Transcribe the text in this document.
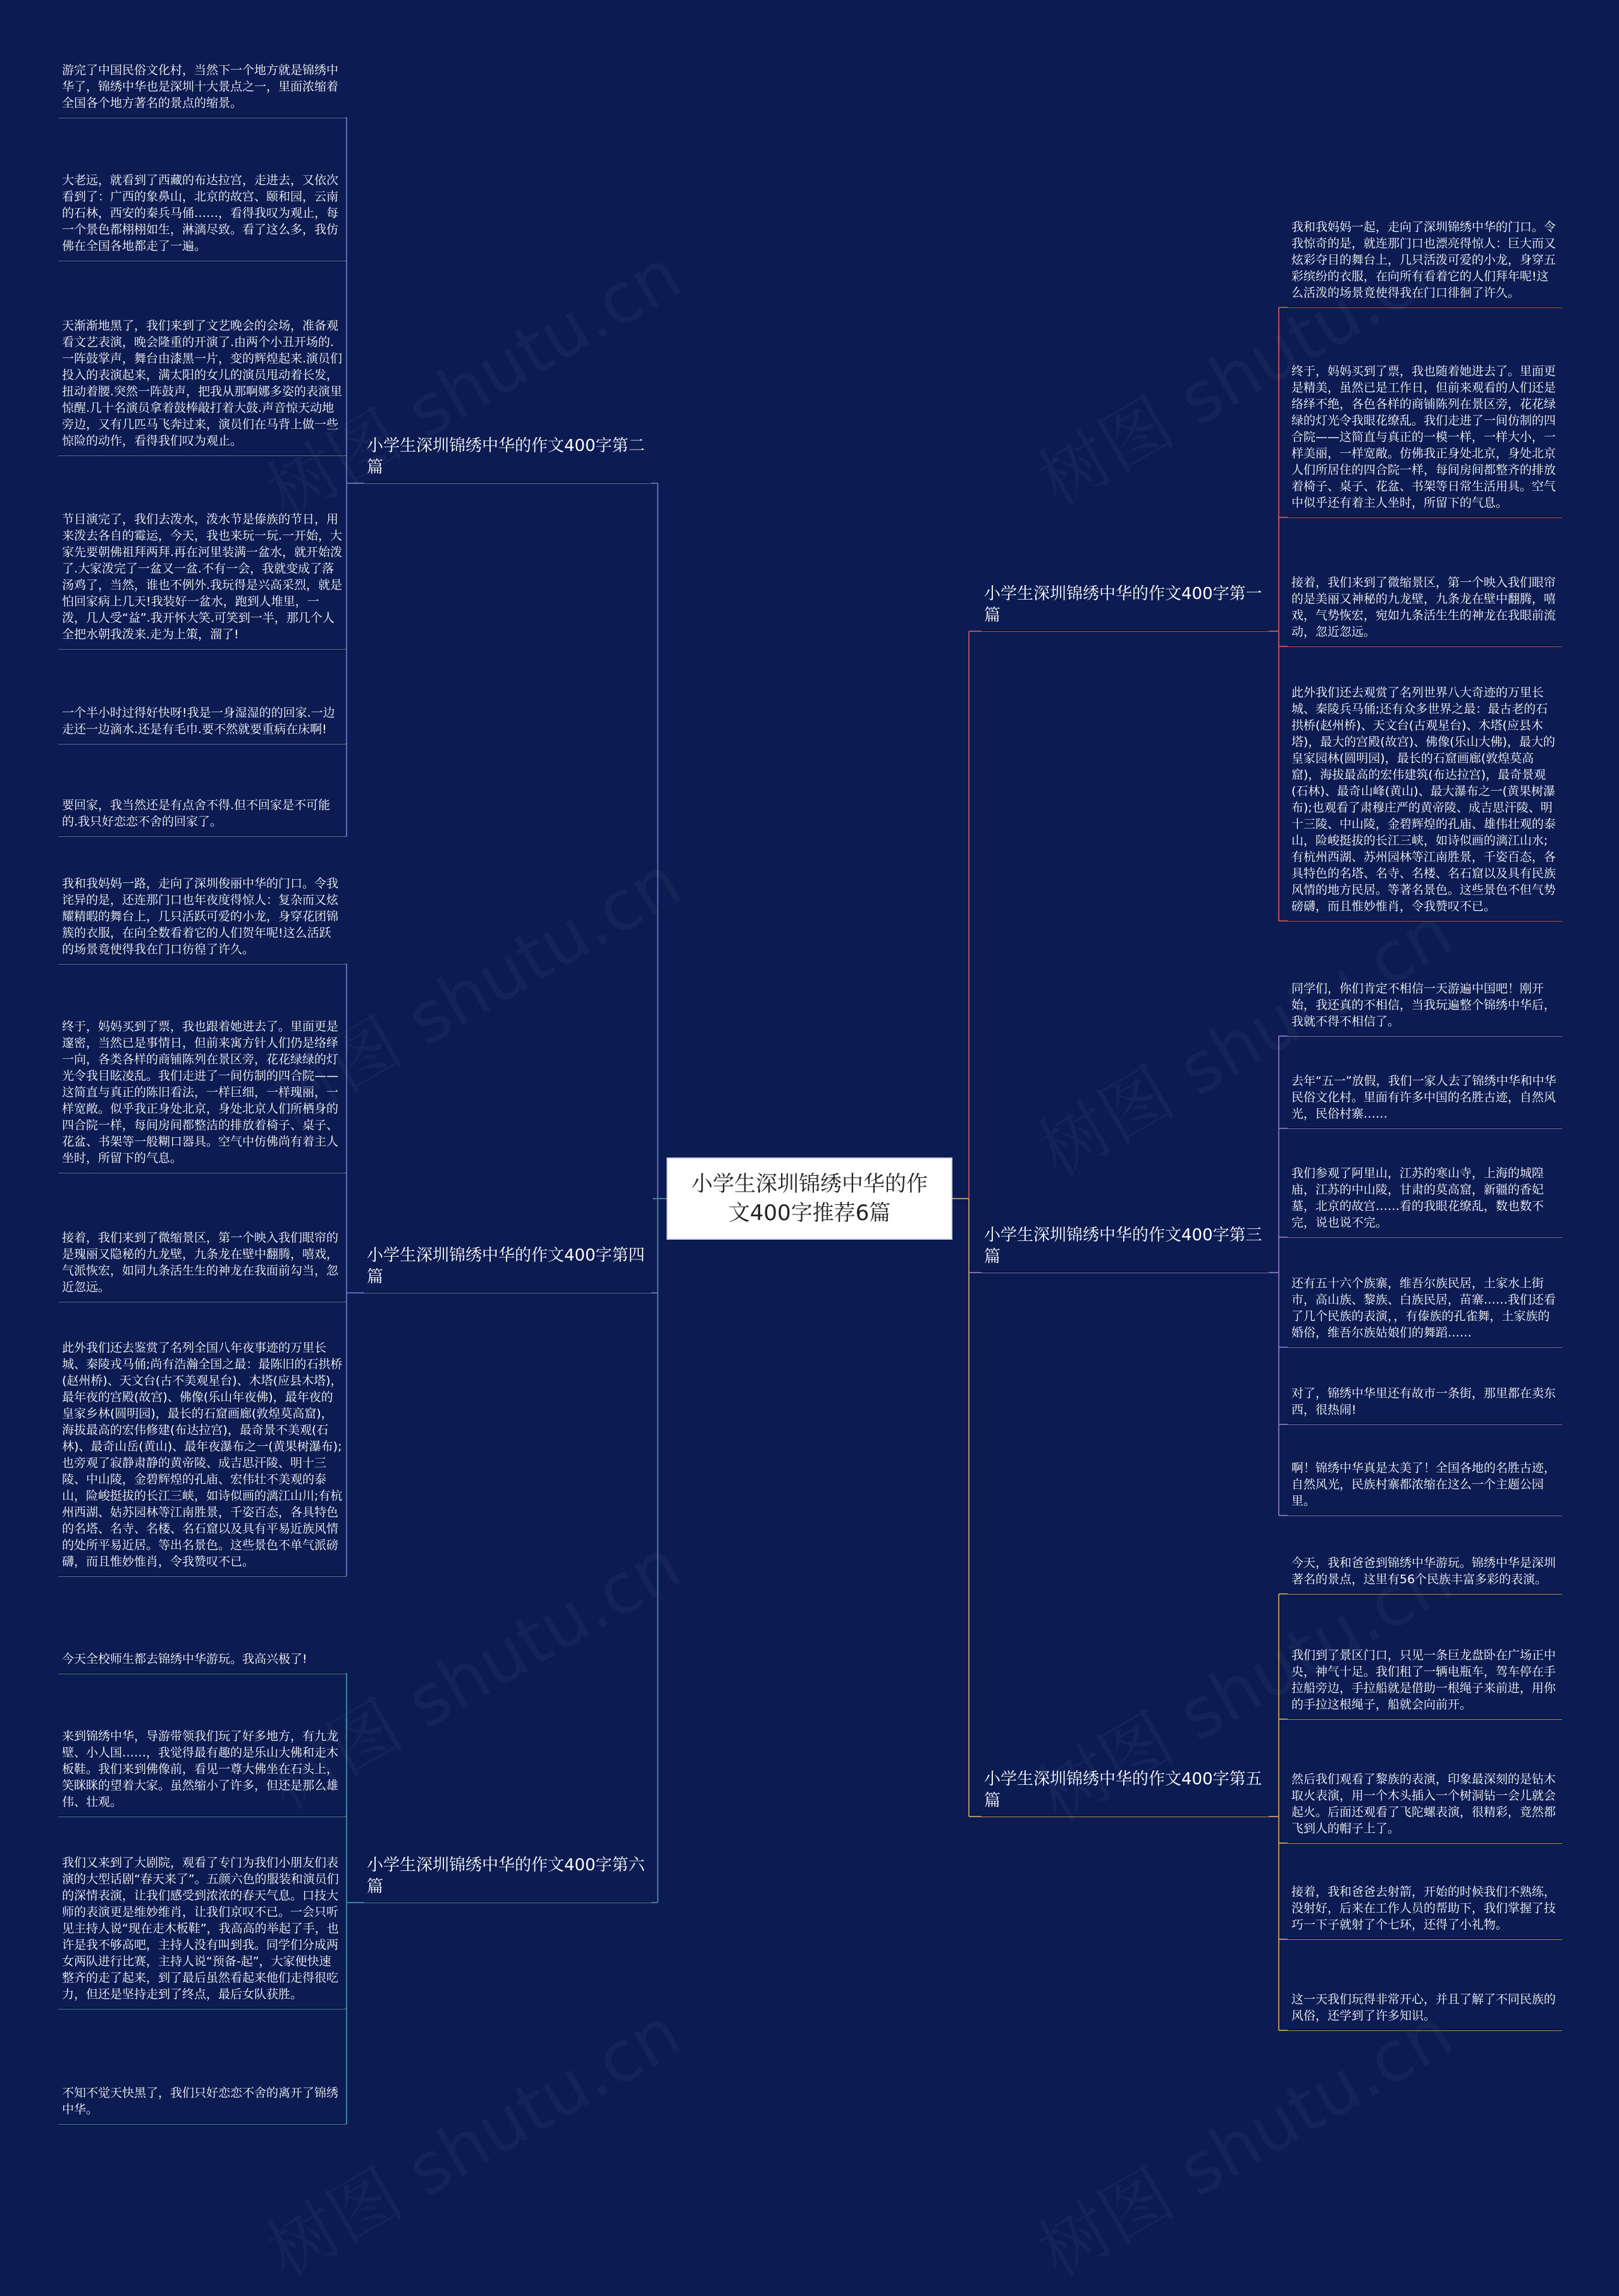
小学生深圳锦绣中华的作文400字推荐6篇
小学生深圳锦绣中华的作文400字第二篇
游完了中国民俗文化村，当然下一个地方就是锦绣中华了，锦绣中华也是深圳十大景点之一，里面浓缩着全国各个地方著名的景点的缩景。
大老远，就看到了西藏的布达拉宫，走进去，又依次看到了：广西的象鼻山，北京的故宫、颐和园，云南的石林，西安的秦兵马俑……，看得我叹为观止，每一个景色都栩栩如生，淋漓尽致。看了这么多，我仿佛在全国各地都走了一遍。
天渐渐地黑了，我们来到了文艺晚会的会场，准备观看文艺表演，晚会隆重的开演了.由两个小丑开场的.一阵鼓掌声，舞台由漆黑一片，变的辉煌起来.演员们投入的表演起来，满太阳的女儿的演员甩动着长发，扭动着腰.突然一阵鼓声，把我从那啊娜多姿的表演里惊醒.几十名演员拿着鼓棒敲打着大鼓.声音惊天动地旁边，又有几匹马飞奔过来，演员们在马背上做一些惊险的动作，看得我们叹为观止。
节目演完了，我们去泼水，泼水节是傣族的节日，用来泼去各自的霉运，今天，我也来玩一玩.一开始，大家先要朝佛祖拜两拜.再在河里装满一盆水，就开始泼了.大家泼完了一盆又一盆.不有一会，我就变成了落汤鸡了，当然，谁也不例外.我玩得是兴高采烈，就是怕回家病上几天!我装好一盆水，跑到人堆里，一泼，几人受“益”.我开怀大笑.可笑到一半，那几个人全把水朝我泼来.走为上策，溜了!
一个半小时过得好快呀!我是一身湿湿的的回家.一边走还一边滴水.还是有毛巾.要不然就要重病在床啊!
要回家，我当然还是有点舍不得.但不回家是不可能的.我只好恋恋不舍的回家了。
小学生深圳锦绣中华的作文400字第四篇
我和我妈妈一路，走向了深圳俊丽中华的门口。令我诧异的是，还连那门口也年夜度得惊人：复杂而又炫耀精暇的舞台上，几只活跃可爱的小龙，身穿花团锦簇的衣服，在向全数看着它的人们贺年呢!这么活跃的场景竟使得我在门口彷徨了许久。
终于，妈妈买到了票，我也跟着她进去了。里面更是邃密，当然已是事情日，但前来寓方针人们仍是络绎一向，各类各样的商铺陈列在景区旁，花花绿绿的灯光令我目眩凌乱。我们走进了一间仿制的四合院——这简直与真正的陈旧看法，一样巨细，一样瑰丽，一样宽敞。似乎我正身处北京，身处北京人们所栖身的四合院一样，每间房间都整洁的排放着椅子、桌子、花盆、书架等一般糊口器具。空气中仿佛尚有着主人坐时，所留下的气息。
接着，我们来到了微缩景区，第一个映入我们眼帘的是瑰丽又隐秘的九龙壁，九条龙在壁中翻腾，嘻戏，气派恢宏，如同九条活生生的神龙在我面前勾当，忽近忽远。
此外我们还去鉴赏了名列全国八年夜事迹的万里长城、秦陵戎马俑;尚有浩瀚全国之最：最陈旧的石拱桥(赵州桥)、天文台(古不美观星台)、木塔(应县木塔)，最年夜的宫殿(故宫)、佛像(乐山年夜佛)，最年夜的皇家乡林(圆明园)，最长的石窟画廊(敦煌莫高窟)，海拔最高的宏伟修建(布达拉宫)，最奇景不美观(石林)、最奇山岳(黄山)、最年夜瀑布之一(黄果树瀑布);也旁观了寂静肃静的黄帝陵、成吉思汗陵、明十三陵、中山陵，金碧辉煌的孔庙、宏伟壮不美观的泰山，险峻挺拔的长江三峡，如诗似画的漓江山川;有杭州西湖、姑苏园林等江南胜景，千姿百态，各具特色的名塔、名寺、名楼、名石窟以及具有平易近族风情的处所平易近居。等出名景色。这些景色不单气派磅礴，而且惟妙惟肖，令我赞叹不已。
小学生深圳锦绣中华的作文400字第六篇
今天全校师生都去锦绣中华游玩。我高兴极了!
来到锦绣中华，导游带领我们玩了好多地方，有九龙壁、小人国……，我觉得最有趣的是乐山大佛和走木板鞋。我们来到佛像前，看见一尊大佛坐在石头上，笑眯眯的望着大家。虽然缩小了许多，但还是那么雄伟、壮观。
我们又来到了大剧院，观看了专门为我们小朋友们表演的大型话剧“春天来了”。五颜六色的服装和演员们的深情表演，让我们感受到浓浓的春天气息。口技大师的表演更是维妙维肖，让我们京叹不已。一会只听见主持人说“现在走木板鞋”，我高高的举起了手，也许是我不够高吧，主持人没有叫到我。同学们分成两女两队进行比赛，主持人说“预备-起”，大家便快速整齐的走了起来，到了最后虽然看起来他们走得很吃力，但还是坚持走到了终点，最后女队获胜。
不知不觉天快黑了，我们只好恋恋不舍的离开了锦绣中华。
小学生深圳锦绣中华的作文400字第一篇
我和我妈妈一起，走向了深圳锦绣中华的门口。令我惊奇的是，就连那门口也漂亮得惊人：巨大而又炫彩夺目的舞台上，几只活泼可爱的小龙，身穿五彩缤纷的衣服，在向所有看着它的人们拜年呢!这么活泼的场景竟使得我在门口徘徊了许久。
终于，妈妈买到了票，我也随着她进去了。里面更是精美，虽然已是工作日，但前来观看的人们还是络绎不绝，各色各样的商铺陈列在景区旁，花花绿绿的灯光令我眼花缭乱。我们走进了一间仿制的四合院——这简直与真正的一模一样，一样大小，一样美丽，一样宽敞。仿佛我正身处北京，身处北京人们所居住的四合院一样，每间房间都整齐的排放着椅子、桌子、花盆、书架等日常生活用具。空气中似乎还有着主人坐时，所留下的气息。
接着，我们来到了微缩景区，第一个映入我们眼帘的是美丽又神秘的九龙壁，九条龙在壁中翻腾，嘻戏，气势恢宏，宛如九条活生生的神龙在我眼前流动，忽近忽远。
此外我们还去观赏了名列世界八大奇迹的万里长城、秦陵兵马俑;还有众多世界之最：最古老的石拱桥(赵州桥)、天文台(古观星台)、木塔(应县木塔)，最大的宫殿(故宫)、佛像(乐山大佛)，最大的皇家园林(圆明园)，最长的石窟画廊(敦煌莫高窟)，海拔最高的宏伟建筑(布达拉宫)，最奇景观(石林)、最奇山峰(黄山)、最大瀑布之一(黄果树瀑布);也观看了肃穆庄严的黄帝陵、成吉思汗陵、明十三陵、中山陵，金碧辉煌的孔庙、雄伟壮观的泰山，险峻挺拔的长江三峡，如诗似画的漓江山水;有杭州西湖、苏州园林等江南胜景，千姿百态，各具特色的名塔、名寺、名楼、名石窟以及具有民族风情的地方民居。等著名景色。这些景色不但气势磅礴，而且惟妙惟肖，令我赞叹不已。
小学生深圳锦绣中华的作文400字第三篇
同学们，你们肯定不相信一天游遍中国吧！刚开始，我还真的不相信，当我玩遍整个锦绣中华后，我就不得不相信了。
去年“五一”放假，我们一家人去了锦绣中华和中华民俗文化村。里面有许多中国的名胜古迹，自然风光，民俗村寨……
我们参观了阿里山，江苏的寒山寺，上海的城隍庙，江苏的中山陵，甘肃的莫高窟，新疆的香妃墓，北京的故宫……看的我眼花缭乱，数也数不完，说也说不完。
还有五十六个族寨，维吾尔族民居，土家水上街市，高山族、黎族、白族民居，苗寨……我们还看了几个民族的表演，，有傣族的孔雀舞，土家族的婚俗，维吾尔族姑娘们的舞蹈……
对了，锦绣中华里还有故市一条街，那里都在卖东西，很热闹!
啊！锦绣中华真是太美了！全国各地的名胜古迹，自然风光，民族村寨都浓缩在这么一个主题公园里。
小学生深圳锦绣中华的作文400字第五篇
今天，我和爸爸到锦绣中华游玩。锦绣中华是深圳著名的景点，这里有56个民族丰富多彩的表演。
我们到了景区门口，只见一条巨龙盘卧在广场正中央，神气十足。我们租了一辆电瓶车，驾车停在手拉船旁边，手拉船就是借助一根绳子来前进，用你的手拉这根绳子，船就会向前开。
然后我们观看了黎族的表演，印象最深刻的是钻木取火表演，用一个木头插入一个树洞钻一会儿就会起火。后面还观看了飞陀螺表演，很精彩，竟然都飞到人的帽子上了。
接着，我和爸爸去射箭，开始的时候我们不熟练，没射好，后来在工作人员的帮助下，我们掌握了技巧一下子就射了个七环，还得了小礼物。
这一天我们玩得非常开心，并且了解了不同民族的风俗，还学到了许多知识。
